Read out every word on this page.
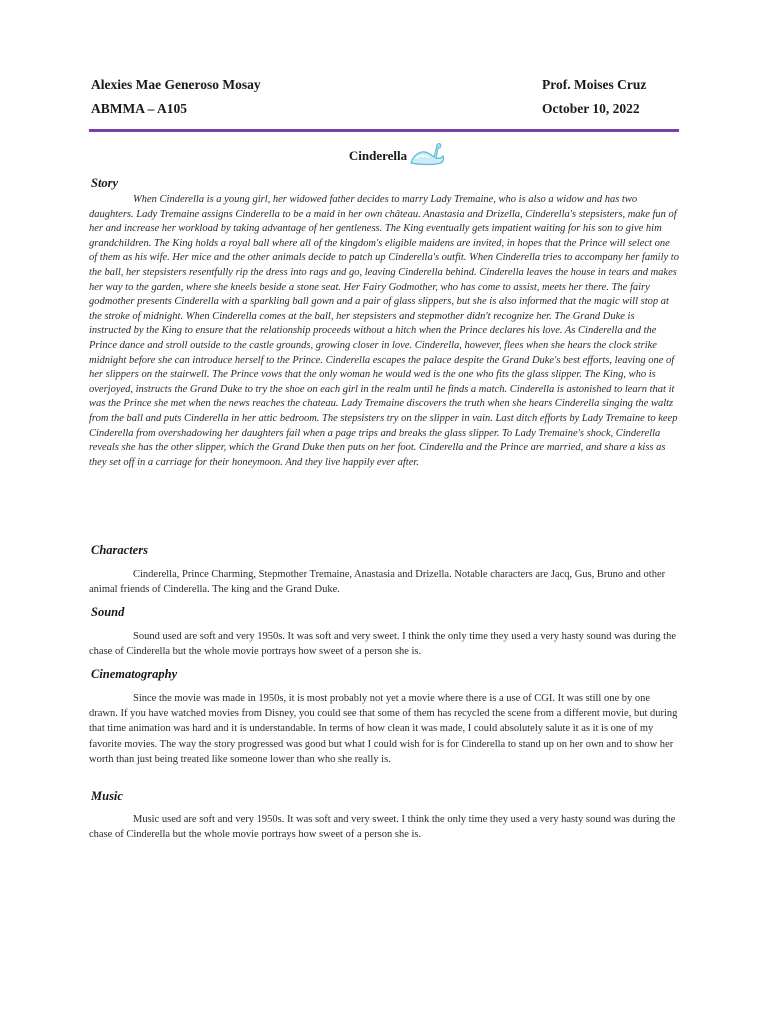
Alexies Mae Generoso Mosay	Prof. Moises Cruz
ABMMA – A105	October 10, 2022
Cinderella
Story

When Cinderella is a young girl, her widowed father decides to marry Lady Tremaine, who is also a widow and has two daughters. Lady Tremaine assigns Cinderella to be a maid in her own château. Anastasia and Drizella, Cinderella's stepsisters, make fun of her and increase her workload by taking advantage of her gentleness. The King eventually gets impatient waiting for his son to give him grandchildren. The King holds a royal ball where all of the kingdom's eligible maidens are invited, in hopes that the Prince will select one of them as his wife. Her mice and the other animals decide to patch up Cinderella's outfit. When Cinderella tries to accompany her family to the ball, her stepsisters resentfully rip the dress into rags and go, leaving Cinderella behind. Cinderella leaves the house in tears and makes her way to the garden, where she kneels beside a stone seat. Her Fairy Godmother, who has come to assist, meets her there. The fairy godmother presents Cinderella with a sparkling ball gown and a pair of glass slippers, but she is also informed that the magic will stop at the stroke of midnight. When Cinderella comes at the ball, her stepsisters and stepmother didn't recognize her. The Grand Duke is instructed by the King to ensure that the relationship proceeds without a hitch when the Prince declares his love. As Cinderella and the Prince dance and stroll outside to the castle grounds, growing closer in love. Cinderella, however, flees when she hears the clock strike midnight before she can introduce herself to the Prince. Cinderella escapes the palace despite the Grand Duke's best efforts, leaving one of her slippers on the stairwell. The Prince vows that the only woman he would wed is the one who fits the glass slipper. The King, who is overjoyed, instructs the Grand Duke to try the shoe on each girl in the realm until he finds a match. Cinderella is astonished to learn that it was the Prince she met when the news reaches the chateau. Lady Tremaine discovers the truth when she hears Cinderella singing the waltz from the ball and puts Cinderella in her attic bedroom. The stepsisters try on the slipper in vain. Last ditch efforts by Lady Tremaine to keep Cinderella from overshadowing her daughters fail when a page trips and breaks the glass slipper. To Lady Tremaine's shock, Cinderella reveals she has the other slipper, which the Grand Duke then puts on her foot. Cinderella and the Prince are married, and share a kiss as they set off in a carriage for their honeymoon. And they live happily ever after.

Characters

Cinderella, Prince Charming, Stepmother Tremaine, Anastasia and Drizella. Notable characters are Jacq, Gus, Bruno and other animal friends of Cinderella. The king and the Grand Duke.

Sound

Sound used are soft and very 1950s. It was soft and very sweet. I think the only time they used a very hasty sound was during the chase of Cinderella but the whole movie portrays how sweet of a person she is.

Cinematography

Since the movie was made in 1950s, it is most probably not yet a movie where there is a use of CGI. It was still one by one drawn. If you have watched movies from Disney, you could see that some of them has recycled the scene from a different movie, but during that time animation was hard and it is understandable. In terms of how clean it was made, I could absolutely salute it as it is one of my favorite movies. The way the story progressed was good but what I could wish for is for Cinderella to stand up on her own and to show her worth than just being treated like someone lower than who she really is.

Music

Music used are soft and very 1950s. It was soft and very sweet. I think the only time they used a very hasty sound was during the chase of Cinderella but the whole movie portrays how sweet of a person she is.
